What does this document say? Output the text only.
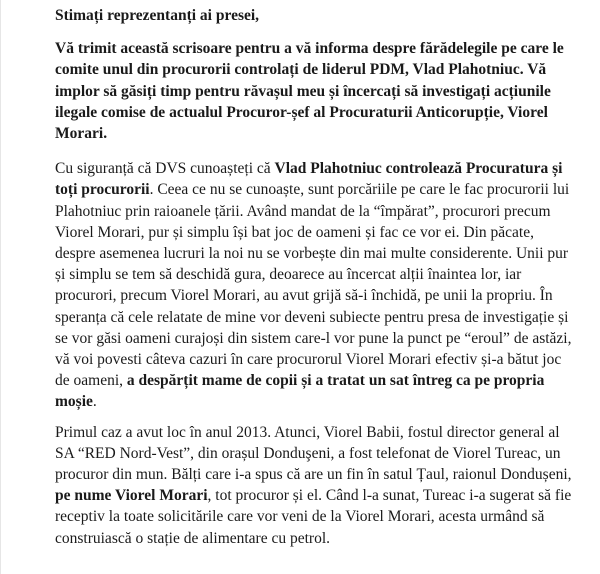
Stimați reprezentanți ai presei,

Vă trimit această scrisoare pentru a vă informa despre fărădelegile pe care le comite unul din procurorii controlați de liderul PDM, Vlad Plahotniuc. Vă implor să găsiți timp pentru răvașul meu și încercați să investigați acțiunile ilegale comise de actualul Procuror-șef al Procuraturii Anticorupție, Viorel Morari.

Cu siguranță că DVS cunoașteți că Vlad Plahotniuc controlează Procuratura și toți procurorii. Ceea ce nu se cunoaște, sunt porcăriile pe care le fac procurorii lui Plahotniuc prin raioanele țării. Având mandat de la “împărat”, procurori precum Viorel Morari, pur și simplu își bat joc de oameni și fac ce vor ei. Din păcate, despre asemenea lucruri la noi nu se vorbește din mai multe considerente. Unii pur și simplu se tem să deschidă gura, deoarece au încercat alții înaintea lor, iar procurori, precum Viorel Morari, au avut grijă să-i închidă, pe unii la propriu. În speranța că cele relatate de mine vor deveni subiecte pentru presa de investigație și se vor găsi oameni curajoși din sistem care-l vor pune la punct pe “eroul” de astăzi, vă voi povesti câteva cazuri în care procurorul Viorel Morari efectiv și-a bătut joc de oameni, a despărțit mame de copii și a tratat un sat întreg ca pe propria moșie.

Primul caz a avut loc în anul 2013. Atunci, Viorel Babii, fostul director general al SA “RED Nord-Vest”, din orașul Donduşeni, a fost telefonat de Viorel Tureac, un procuror din mun. Bălți care i-a spus că are un fin în satul Țaul, raionul Dondușeni, pe nume Viorel Morari, tot procuror și el. Când l-a sunat, Tureac i-a sugerat să fie receptiv la toate solicitările care vor veni de la Viorel Morari, acesta urmând să construiască o stație de alimentare cu petrol.
